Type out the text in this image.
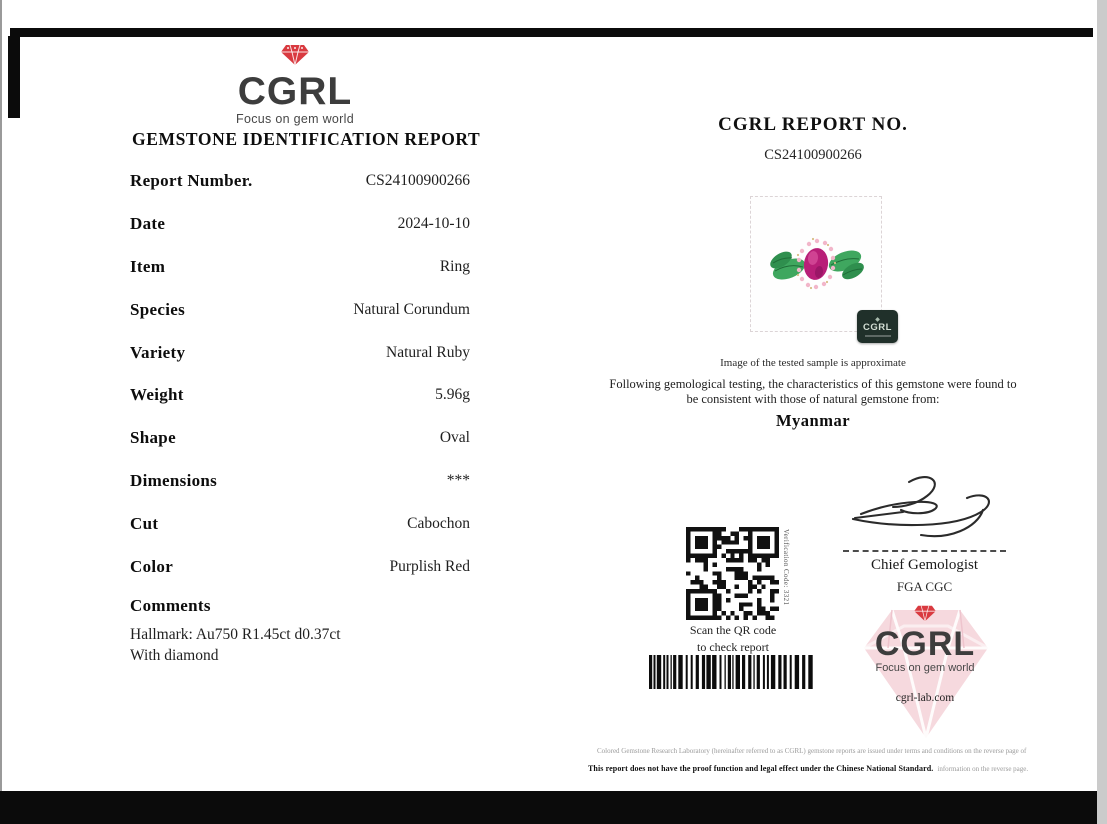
CGRL
Focus on gem world
GEMSTONE IDENTIFICATION REPORT
Report Number.	CS24100900266
Date	2024-10-10
Item	Ring
Species	Natural Corundum
Variety	Natural Ruby
Weight	5.96g
Shape	Oval
Dimensions	***
Cut	Cabochon
Color	Purplish Red
Comments
Hallmark: Au750 R1.45ct d0.37ct
With diamond
CGRL REPORT NO.
CS24100900266
◆
CGRL
Image of the tested sample is approximate
Following gemological testing, the characteristics of this gemstone were found to
be consistent with those of natural gemstone from:
Myanmar
Chief Gemologist
FGA CGC
Verification Code: 3321
Scan the QR code
to check report	CGRL
Focus on gem world
cgrl-lab.com
Colored Gemstone Research Laboratory (hereinafter referred to as CGRL) gemstone reports are issued under terms and conditions on the reverse page of
This report does not have the proof function and legal effect under the Chinese National Standard. information on the reverse page.
